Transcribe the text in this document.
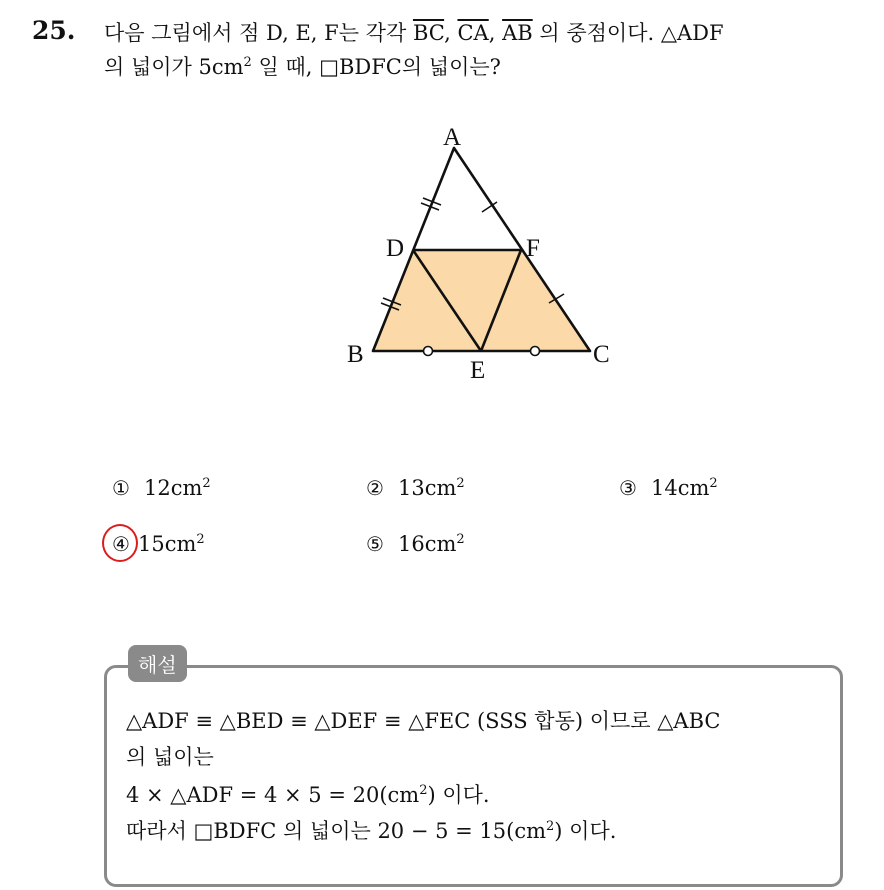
25. 다음 그림에서 점 D, E, F는 각각 $\overline{BC}$, $\overline{CA}$, $\overline{AB}$ 의 중점이다. △ADF
의 넓이가 $5cm^2$ 일 때, □BDFC의 넓이는?

A
D	F
B	C
E
① $12cm^2$	② $13cm^2$	③ $14cm^2$
④ $15cm^2$	⑤ $16cm^2$
해설
△ADF ≡ △BED ≡ △DEF ≡ △FEC (SSS 합동) 이므로 △ABC
의 넓이는
4 × △ADF = $4 \times 5 = 20(cm^2)$ 이다.
따라서 □BDFC 의 넓이는 $20 - 5 = 15(cm^2)$ 이다.
